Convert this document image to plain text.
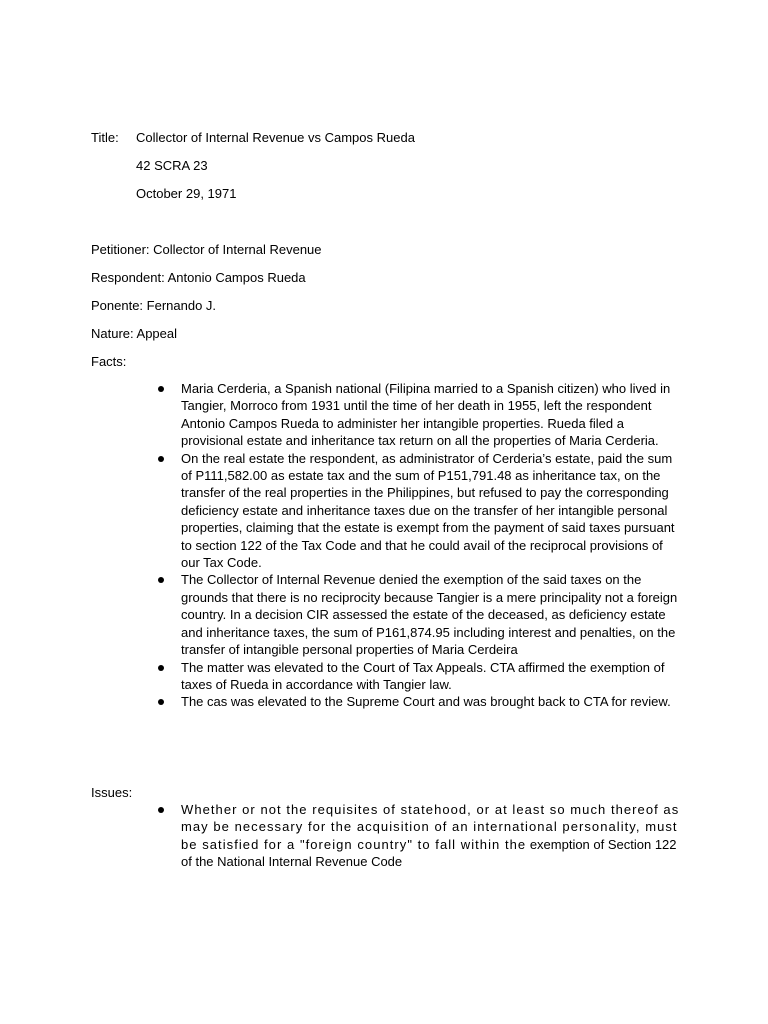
Title: Collector of Internal Revenue vs Campos Rueda
42 SCRA 23
October 29, 1971
Petitioner: Collector of Internal Revenue
Respondent: Antonio Campos Rueda
Ponente: Fernando J.
Nature: Appeal
Facts:
Maria Cerderia, a Spanish national (Filipina married to a Spanish citizen) who lived in Tangier, Morroco from 1931 until the time of her death in 1955, left the respondent Antonio Campos Rueda to administer her intangible properties. Rueda filed a provisional estate and inheritance tax return on all the properties of Maria Cerderia.
On the real estate the respondent, as administrator of Cerderia’s estate, paid the sum of P111,582.00 as estate tax and the sum of P151,791.48 as inheritance tax, on the transfer of the real properties in the Philippines, but refused to pay the corresponding deficiency estate and inheritance taxes due on the transfer of her intangible personal properties, claiming that the estate is exempt from the payment of said taxes pursuant to section 122 of the Tax Code and that he could avail of the reciprocal provisions of our Tax Code.
The Collector of Internal Revenue denied the exemption of the said taxes on the grounds that there is no reciprocity because Tangier is a mere principality not a foreign country. In a decision CIR assessed the estate of the deceased, as deficiency estate and inheritance taxes, the sum of P161,874.95 including interest and penalties, on the transfer of intangible personal properties of Maria Cerdeira
The matter was elevated to the Court of Tax Appeals. CTA affirmed the exemption of taxes of Rueda in accordance with Tangier law.
The cas was elevated to the Supreme Court and was brought back to CTA for review.
Issues:
Whether or not the requisites of statehood, or at least so much thereof as may be necessary for the acquisition of an international personality, must be satisfied for a "foreign country" to fall within the exemption of Section 122 of the National Internal Revenue Code
